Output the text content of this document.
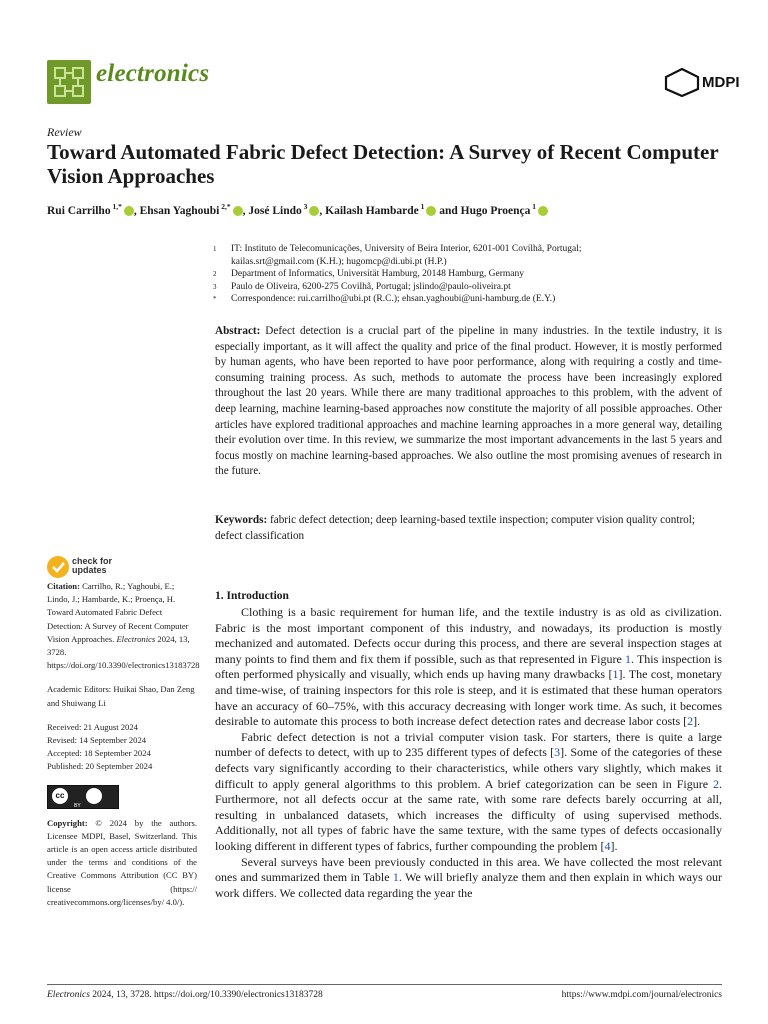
electronics	MDPI
Review
Toward Automated Fabric Defect Detection: A Survey of Recent Computer Vision Approaches
Rui Carrilho $^{1,*}$ , Ehsan Yaghoubi $^{2,*}$ , José Lindo $^3$ , Kailash Hambarde $^1$ and Hugo Proença $^1$
1	IT: Instituto de Telecomunicações, University of Beira Interior, 6201-001 Covilhã, Portugal;
kailas.srt@gmail.com (K.H.); hugomcp@di.ubi.pt (H.P.)
2	Department of Informatics, Universität Hamburg, 20148 Hamburg, Germany
3	Paulo de Oliveira, 6200-275 Covilhã, Portugal; jslindo@paulo-oliveira.pt
*	Correspondence: rui.carrilho@ubi.pt (R.C.); ehsan.yaghoubi@uni-hamburg.de (E.Y.)
Abstract: Defect detection is a crucial part of the pipeline in many industries. In the textile industry, it is especially important, as it will affect the quality and price of the final product. However, it is mostly performed by human agents, who have been reported to have poor performance, along with requiring a costly and time-consuming training process. As such, methods to automate the process have been increasingly explored throughout the last 20 years. While there are many traditional approaches to this problem, with the advent of deep learning, machine learning-based approaches now constitute the majority of all possible approaches. Other articles have explored traditional approaches and machine learning approaches in a more general way, detailing their evolution over time. In this review, we summarize the most important advancements in the last 5 years and focus mostly on machine learning-based approaches. We also outline the most promising avenues of research in the future.
Keywords: fabric defect detection; deep learning-based textile inspection; computer vision quality control; defect classification
check for
updates

Citation: Carrilho, R.; Yaghoubi, E.; Lindo, J.; Hambarde, K.; Proença, H. Toward Automated Fabric Defect Detection: A Survey of Recent Computer Vision Approaches. Electronics 2024, 13, 3728. https://doi.org/10.3390/electronics13183728

Academic Editors: Huikai Shao, Dan Zeng and Shuiwang Li

Received: 21 August 2024
Revised: 14 September 2024
Accepted: 18 September 2024
Published: 20 September 2024

cc
BY

Copyright: © 2024 by the authors. Licensee MDPI, Basel, Switzerland. This article is an open access article distributed under the terms and conditions of the Creative Commons Attribution (CC BY) license (https:// creativecommons.org/licenses/by/ 4.0/).

1. Introduction

Clothing is a basic requirement for human life, and the textile industry is as old as civilization. Fabric is the most important component of this industry, and nowadays, its production is mostly mechanized and automated. Defects occur during this process, and there are several inspection stages at many points to find them and fix them if possible, such as that represented in Figure 1. This inspection is often performed physically and visually, which ends up having many drawbacks [1]. The cost, monetary and time-wise, of training inspectors for this role is steep, and it is estimated that these human operators have an accuracy of 60–75%, with this accuracy decreasing with longer work time. As such, it becomes desirable to automate this process to both increase defect detection rates and decrease labor costs [2].

Fabric defect detection is not a trivial computer vision task. For starters, there is quite a large number of defects to detect, with up to 235 different types of defects [3]. Some of the categories of these defects vary significantly according to their characteristics, while others vary slightly, which makes it difficult to apply general algorithms to this problem. A brief categorization can be seen in Figure 2. Furthermore, not all defects occur at the same rate, with some rare defects barely occurring at all, resulting in unbalanced datasets, which increases the difficulty of using supervised methods. Additionally, not all types of fabric have the same texture, with the same types of defects occasionally looking different in different types of fabrics, further compounding the problem [4].

Several surveys have been previously conducted in this area. We have collected the most relevant ones and summarized them in Table 1. We will briefly analyze them and then explain in which ways our work differs. We collected data regarding the year the

Electronics 2024, 13, 3728. https://doi.org/10.3390/electronics13183728	https://www.mdpi.com/journal/electronics
